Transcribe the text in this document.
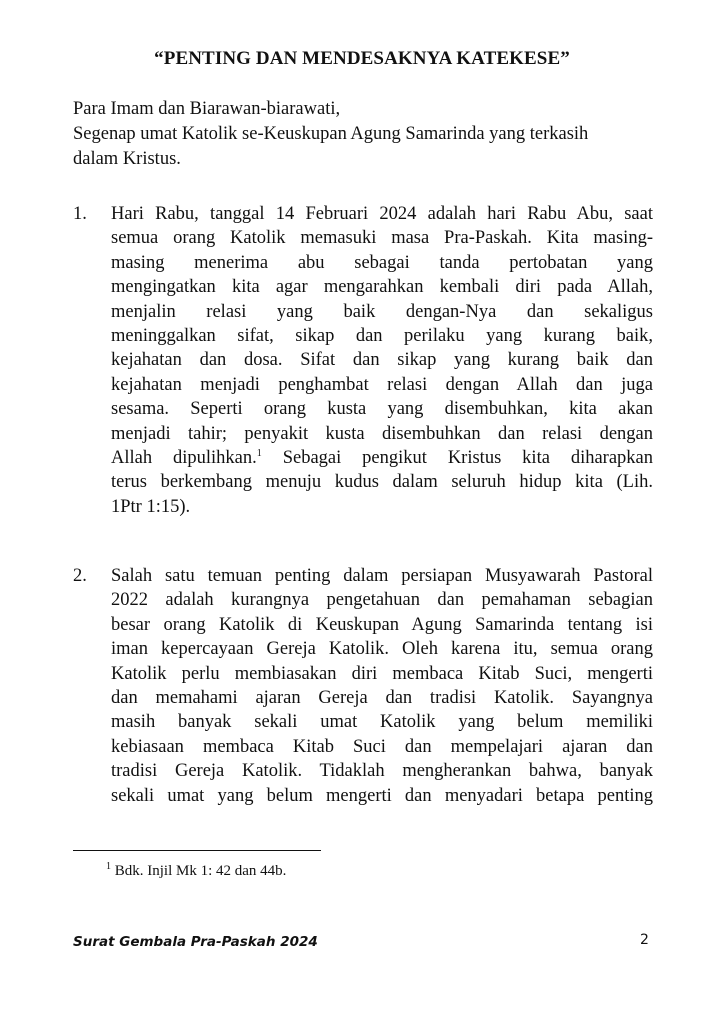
“PENTING DAN MENDESAKNYA KATEKESE”
Para Imam dan Biarawan-biarawati,
Segenap umat Katolik se-Keuskupan Agung Samarinda yang terkasih
dalam Kristus.
1. Hari Rabu, tanggal 14 Februari 2024 adalah hari Rabu Abu, saat
semua orang Katolik memasuki masa Pra-Paskah. Kita masing-
masing menerima abu sebagai tanda pertobatan yang
mengingatkan kita agar mengarahkan kembali diri pada Allah,
menjalin relasi yang baik dengan-Nya dan sekaligus
meninggalkan sifat, sikap dan perilaku yang kurang baik,
kejahatan dan dosa. Sifat dan sikap yang kurang baik dan
kejahatan menjadi penghambat relasi dengan Allah dan juga
sesama. Seperti orang kusta yang disembuhkan, kita akan
menjadi tahir; penyakit kusta disembuhkan dan relasi dengan
Allah dipulihkan.$^1$ Sebagai pengikut Kristus kita diharapkan
terus berkembang menuju kudus dalam seluruh hidup kita (Lih.
1Ptr 1:15).
2. Salah satu temuan penting dalam persiapan Musyawarah Pastoral
2022 adalah kurangnya pengetahuan dan pemahaman sebagian
besar orang Katolik di Keuskupan Agung Samarinda tentang isi
iman kepercayaan Gereja Katolik. Oleh karena itu, semua orang
Katolik perlu membiasakan diri membaca Kitab Suci, mengerti
dan memahami ajaran Gereja dan tradisi Katolik. Sayangnya
masih banyak sekali umat Katolik yang belum memiliki
kebiasaan membaca Kitab Suci dan mempelajari ajaran dan
tradisi Gereja Katolik. Tidaklah mengherankan bahwa, banyak
sekali umat yang belum mengerti dan menyadari betapa penting
$^1$ Bdk. Injil Mk 1: 42 dan 44b.
Surat Gembala Pra-Paskah 2024	2
